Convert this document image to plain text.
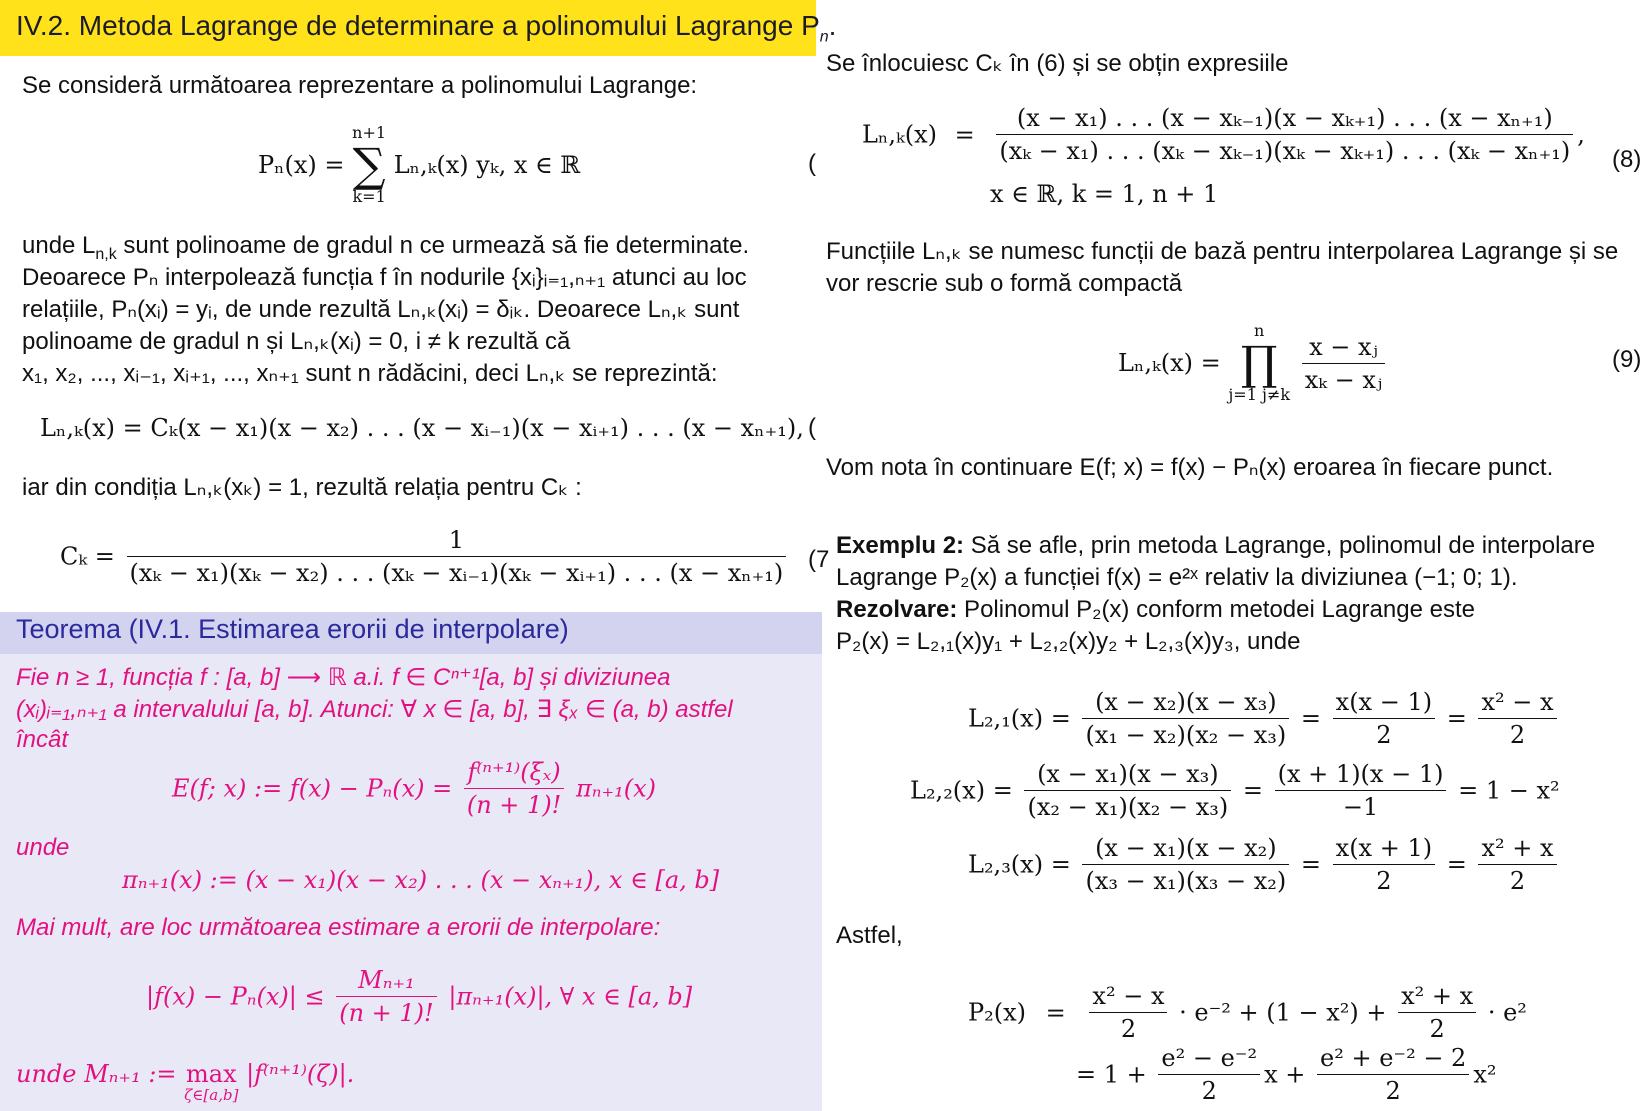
IV.2. Metoda Lagrange de determinare a polinomului Lagrange $P_n$.
Se consideră următoarea reprezentare a polinomului Lagrange:
Pₙ(x) = n+1
∑
k=1 Lₙ,ₖ(x) yₖ, x ∈ ℝ	(
unde $L_{n,k}$ sunt polinoame de gradul n ce urmează să fie determinate.
Deoarece Pₙ interpolează funcția f în nodurile {xᵢ}ᵢ₌₁,ₙ₊₁ atunci au loc
relațiile, Pₙ(xᵢ) = yᵢ, de unde rezultă Lₙ,ₖ(xᵢ) = δᵢₖ. Deoarece Lₙ,ₖ sunt
polinoame de gradul n și Lₙ,ₖ(xᵢ) = 0, i ≠ k rezultă că
x₁, x₂, ..., xᵢ₋₁, xᵢ₊₁, ..., xₙ₊₁ sunt n rădăcini, deci Lₙ,ₖ se reprezintă:
Lₙ,ₖ(x) = Cₖ(x − x₁)(x − x₂) . . . (x − xᵢ₋₁)(x − xᵢ₊₁) . . . (x − xₙ₊₁), (
iar din condiția Lₙ,ₖ(xₖ) = 1, rezultă relația pentru Cₖ :
Cₖ =
1
(xₖ − x₁)(xₖ − x₂) . . . (xₖ − xᵢ₋₁)(xₖ − xᵢ₊₁) . . . (x − xₙ₊₁) (7
Teorema (IV.1. Estimarea erorii de interpolare)
Fie n ≥ 1, funcția f : [a, b] ⟶ ℝ a.i. f ∈ Cⁿ⁺¹[a, b] și diviziunea
(xᵢ)ᵢ₌₁,ₙ₊₁ a intervalului [a, b]. Atunci: ∀ x ∈ [a, b], ∃ ξₓ ∈ (a, b) astfel
încât
E(f; x) := $f(x) - P_n(x) = \frac{\text{f⁽ⁿ⁺¹⁾(ξₓ)}}{(n + 1)!} \pi_{n+1}(x)$
unde
πₙ₊₁(x) := (x − x₁)(x − x₂) . . . (x − xₙ₊₁), x ∈ [a, b]
Mai mult, are loc următoarea estimare a erorii de interpolare:
$|f(x) - P_n(x)| \le \frac{\text{Mₙ₊₁}}{(n + 1)!} |\pi_{n+1}(x)|$, ∀ x ∈ [a, b]
unde Mₙ₊₁ := max
ζ∈[a,b]
|f⁽ⁿ⁺¹⁾(ζ)|.
Se înlocuiesc Cₖ în (6) și se obțin expresiile
$L_n,_k(x) = \frac{\text{(x − x₁) . . . (x − xₖ₋₁)(x − xₖ₊₁) . . . (x − xₙ₊₁)}}{\text{(xₖ − x₁) . . . (xₖ − xₖ₋₁)(xₖ − xₖ₊₁) . . . (xₖ − xₙ₊₁)}}$ ,
x ∈ ℝ, k = 1, n + 1
(8)
Funcțiile Lₙ,ₖ se numesc funcții de bază pentru interpolarea Lagrange și se
vor rescrie sub o formă compactă
Lₙ,ₖ(x) = n
∏
j=1 j≠k
$\frac{\text{x − xⱼ}}{\text{xₖ − xⱼ}}$	(9)
Vom nota în continuare E(f; x) = f(x) − Pₙ(x) eroarea în fiecare punct.
Exemplu 2: Să se afle, prin metoda Lagrange, polinomul de interpolare
Lagrange P₂(x) a funcției f(x) = e²ˣ relativ la diviziunea (−1; 0; 1).
Rezolvare: Polinomul P₂(x) conform metodei Lagrange este
P₂(x) = L₂,₁(x)y₁ + L₂,₂(x)y₂ + L₂,₃(x)y₃, unde
$L_2,_1(x) = \frac{\text{(x − x₂)(x − x₃)}}{\text{(x₁ − x₂)(x₂ − x₃)}} = \frac{x(x - 1)}{2} = \frac{\text{x² − x}}{2}$
$L_2,_2(x) = \frac{\text{(x − x₁)(x − x₃)}}{\text{(x₂ − x₁)(x₂ − x₃)}} = \frac{(x + 1)(x - 1)}{-1} = 1 - x^2$
$L_2,_3(x) = \frac{\text{(x − x₁)(x − x₂)}}{\text{(x₃ − x₁)(x₃ − x₂)}} = \frac{x(x + 1)}{2} = \frac{\text{x² + x}}{2}$
Astfel,
$P_2(x) = \frac{\text{x² − x}}{2} \cdot e^{-2} + (1 - x^2) + \frac{\text{x² + x}}{2} \cdot e^2$
= $1 + \frac{\text{e² − e⁻²}}{2}$ $x + \frac{\text{e² + e⁻² − 2}}{2} x^2$
